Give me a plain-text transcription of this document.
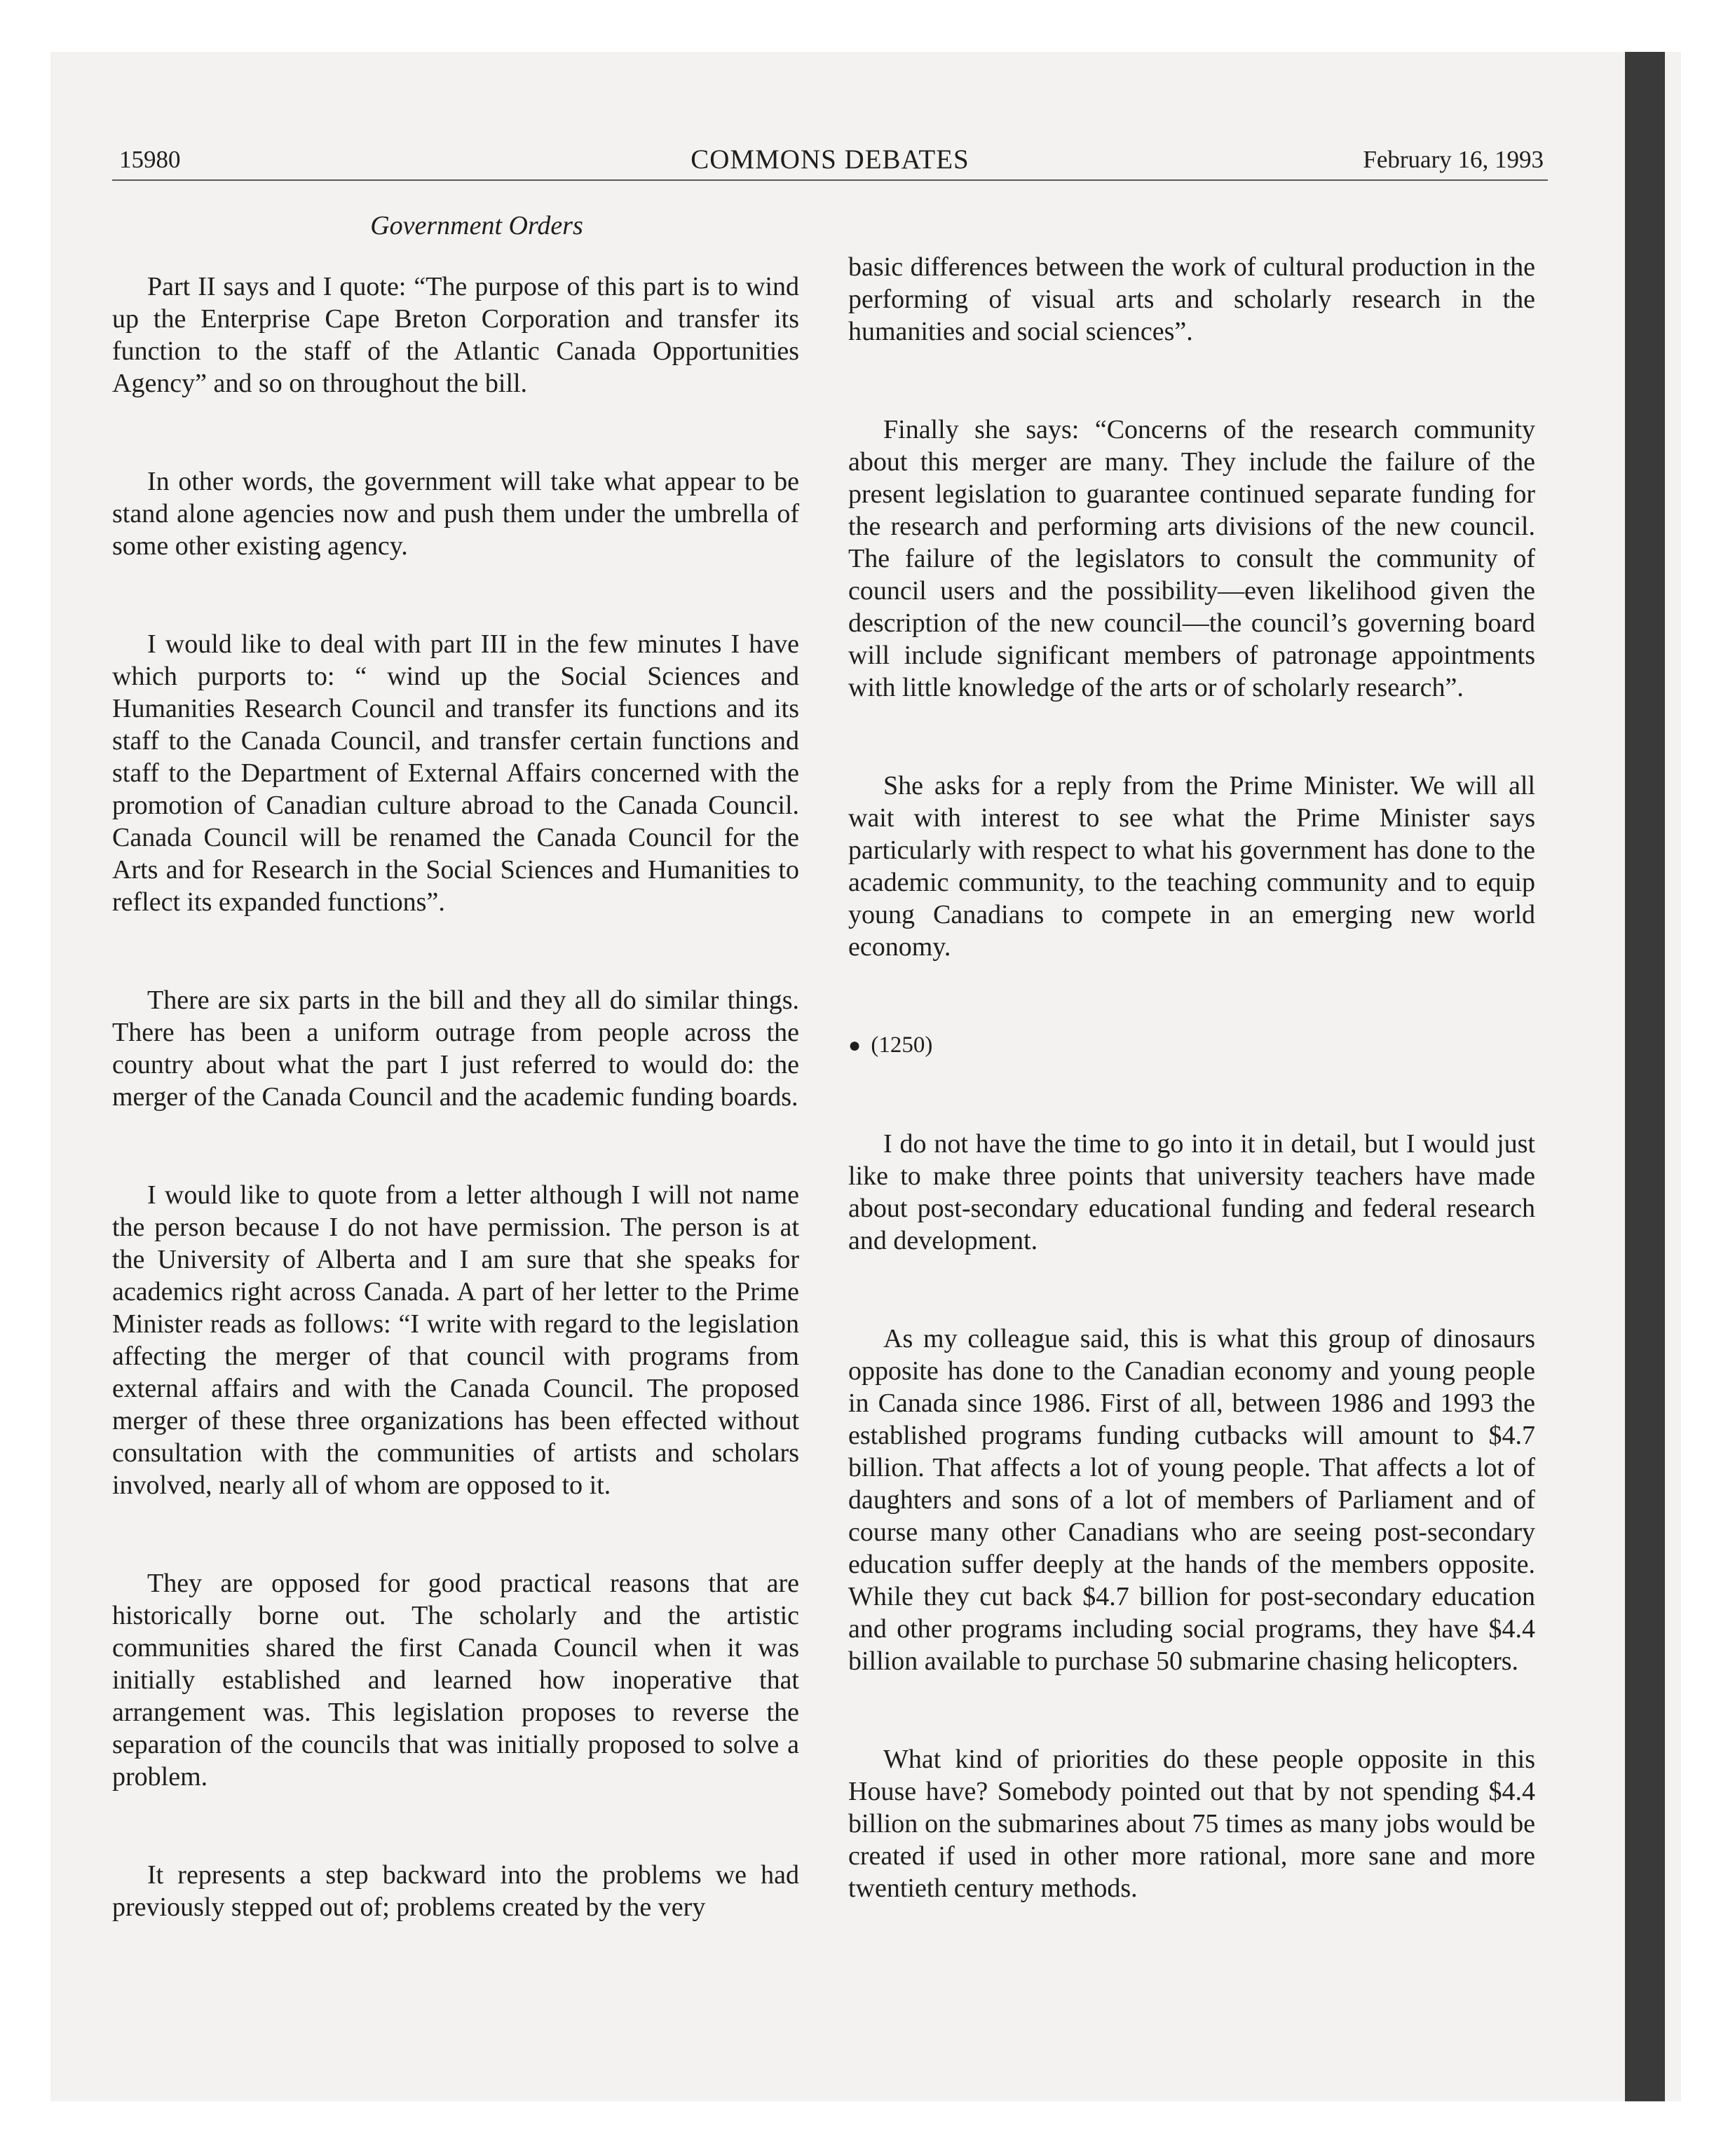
15980	COMMONS DEBATES	February 16, 1993
Government Orders

Part II says and I quote: “The purpose of this part is to wind up the Enterprise Cape Breton Corporation and transfer its function to the staff of the Atlantic Canada Opportunities Agency” and so on throughout the bill.

In other words, the government will take what appear to be stand alone agencies now and push them under the umbrella of some other existing agency.

I would like to deal with part III in the few minutes I have which purports to: “ wind up the Social Sciences and Humanities Research Council and transfer its functions and its staff to the Canada Council, and transfer certain functions and staff to the Department of External Affairs concerned with the promotion of Canadian culture abroad to the Canada Council. Canada Council will be renamed the Canada Council for the Arts and for Research in the Social Sciences and Humanities to reflect its expanded functions”.

There are six parts in the bill and they all do similar things. There has been a uniform outrage from people across the country about what the part I just referred to would do: the merger of the Canada Council and the academic funding boards.

I would like to quote from a letter although I will not name the person because I do not have permission. The person is at the University of Alberta and I am sure that she speaks for academics right across Canada. A part of her letter to the Prime Minister reads as follows: “I write with regard to the legislation affecting the merger of that council with programs from external affairs and with the Canada Council. The proposed merger of these three organizations has been effected without consultation with the communities of artists and scholars involved, nearly all of whom are opposed to it.

They are opposed for good practical reasons that are historically borne out. The scholarly and the artistic communities shared the first Canada Council when it was initially established and learned how inoperative that arrangement was. This legislation proposes to reverse the separation of the councils that was initially proposed to solve a problem.

It represents a step backward into the problems we had previously stepped out of; problems created by the very

basic differences between the work of cultural production in the performing of visual arts and scholarly research in the humanities and social sciences”.

Finally she says: “Concerns of the research community about this merger are many. They include the failure of the present legislation to guarantee continued separate funding for the research and performing arts divisions of the new council. The failure of the legislators to consult the community of council users and the possibility—even likelihood given the description of the new council—the council’s governing board will include significant members of patronage appointments with little knowledge of the arts or of scholarly research”.

She asks for a reply from the Prime Minister. We will all wait with interest to see what the Prime Minister says particularly with respect to what his government has done to the academic community, to the teaching community and to equip young Canadians to compete in an emerging new world economy.

● (1250)

I do not have the time to go into it in detail, but I would just like to make three points that university teachers have made about post-secondary educational funding and federal research and development.

As my colleague said, this is what this group of dinosaurs opposite has done to the Canadian economy and young people in Canada since 1986. First of all, between 1986 and 1993 the established programs funding cutbacks will amount to $4.7 billion. That affects a lot of young people. That affects a lot of daughters and sons of a lot of members of Parliament and of course many other Canadians who are seeing post-secondary education suffer deeply at the hands of the members opposite. While they cut back $4.7 billion for post-secondary education and other programs including social programs, they have $4.4 billion available to purchase 50 submarine chasing helicopters.

What kind of priorities do these people opposite in this House have? Somebody pointed out that by not spending $4.4 billion on the submarines about 75 times as many jobs would be created if used in other more rational, more sane and more twentieth century methods.
